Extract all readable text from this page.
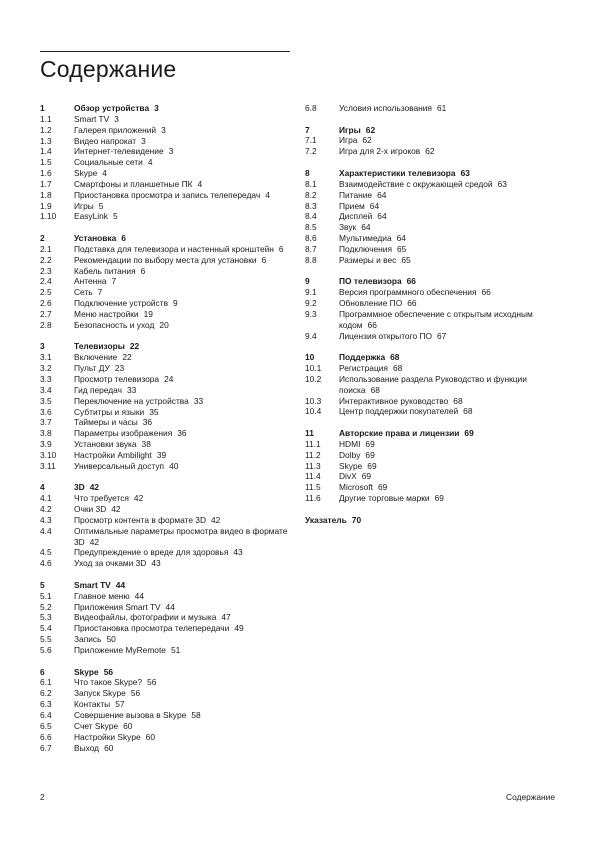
Содержание
1	Обзор устройства 3
1.1	Smart TV 3
1.2	Галерея приложений 3
1.3	Видео напрокат 3
1.4	Интернет-телевидение 3
1.5	Социальные сети 4
1.6	Skype 4
1.7	Смартфоны и планшетные ПК 4
1.8	Приостановка просмотра и запись телепередач 4
1.9	Игры 5
1.10	EasyLink 5
2	Установка 6
2.1	Подставка для телевизора и настенный кронштейн 6
2.2	Рекомендации по выбору места для установки 6
2.3	Кабель питания 6
2.4	Антенна 7
2.5	Сеть 7
2.6	Подключение устройств 9
2.7	Меню настройки 19
2.8	Безопасность и уход 20
3	Телевизоры 22
3.1	Включение 22
3.2	Пульт ДУ 23
3.3	Просмотр телевизора 24
3.4	Гид передач 33
3.5	Переключение на устройства 33
3.6	Субтитры и языки 35
3.7	Таймеры и часы 36
3.8	Параметры изображения 36
3.9	Установки звука 38
3.10	Настройки Ambilight 39
3.11	Универсальный доступ 40
4	3D 42
4.1	Что требуется 42
4.2	Очки 3D 42
4.3	Просмотр контента в формате 3D 42
4.4	Оптимальные параметры просмотра видео в формате 3D 42
4.5	Предупреждение о вреде для здоровья 43
4.6	Уход за очками 3D 43
5	Smart TV 44
5.1	Главное меню 44
5.2	Приложения Smart TV 44
5.3	Видеофайлы, фотографии и музыка 47
5.4	Приостановка просмотра телепередачи 49
5.5	Запись 50
5.6	Приложение MyRemote 51
6	Skype 56
6.1	Что такое Skype? 56
6.2	Запуск Skype 56
6.3	Контакты 57
6.4	Совершение вызова в Skype 58
6.5	Счет Skype 60
6.6	Настройки Skype 60
6.7	Выход 60
6.8	Условия использования 61
7	Игры 62
7.1	Игра 62
7.2	Игра для 2-х игроков 62
8	Характеристики телевизора 63
8.1	Взаимодействие с окружающей средой 63
8.2	Питание 64
8.3	Прием 64
8.4	Дисплей 64
8.5	Звук 64
8.6	Мультимедиа 64
8.7	Подключения 65
8.8	Размеры и вес 65
9	ПО телевизора 66
9.1	Версия программного обеспечения 66
9.2	Обновление ПО 66
9.3	Программное обеспечение с открытым исходным кодом 66
9.4	Лицензия открытого ПО 67
10	Поддержка 68
10.1	Регистрация 68
10.2 Использование раздела Руководство и функции поиска 68
10.3	Интерактивное руководство 68
10.4	Центр поддержки покупателей 68
11	Авторские права и лицензии 69
11.1	HDMI 69
11.2	Dolby 69
11.3	Skype 69
11.4	DivX 69
11.5	Microsoft 69
11.6	Другие торговые марки 69
Указатель 70
2	Содержание
